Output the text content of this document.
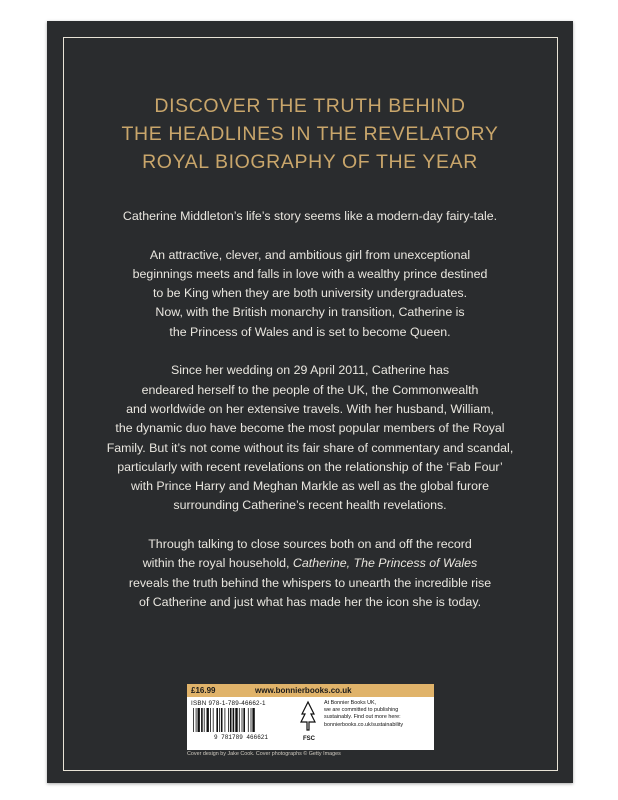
DISCOVER THE TRUTH BEHIND
THE HEADLINES IN THE REVELATORY
ROYAL BIOGRAPHY OF THE YEAR

Catherine Middleton’s life’s story seems like a modern-day fairy-tale.

An attractive, clever, and ambitious girl from unexceptional
beginnings meets and falls in love with a wealthy prince destined
to be King when they are both university undergraduates.
Now, with the British monarchy in transition, Catherine is
the Princess of Wales and is set to become Queen.

Since her wedding on 29 April 2011, Catherine has
endeared herself to the people of the UK, the Commonwealth
and worldwide on her extensive travels. With her husband, William,
the dynamic duo have become the most popular members of the Royal
Family. But it’s not come without its fair share of commentary and scandal,
particularly with recent revelations on the relationship of the ‘Fab Four’
with Prince Harry and Meghan Markle as well as the global furore
surrounding Catherine’s recent health revelations.

Through talking to close sources both on and off the record
within the royal household, Catherine, The Princess of Wales
reveals the truth behind the whispers to unearth the incredible rise
of Catherine and just what has made her the icon she is today.

£16.99	www.bonnierbooks.co.uk
ISBN 978-1-789-46662-1
9 781789 466621	FSC
At Bonnier Books UK,
we are committed to publishing
sustainably. Find out more here:
bonnierbooks.co.uk/sustainability
Cover design by Jake Cook. Cover photographs © Getty Images
